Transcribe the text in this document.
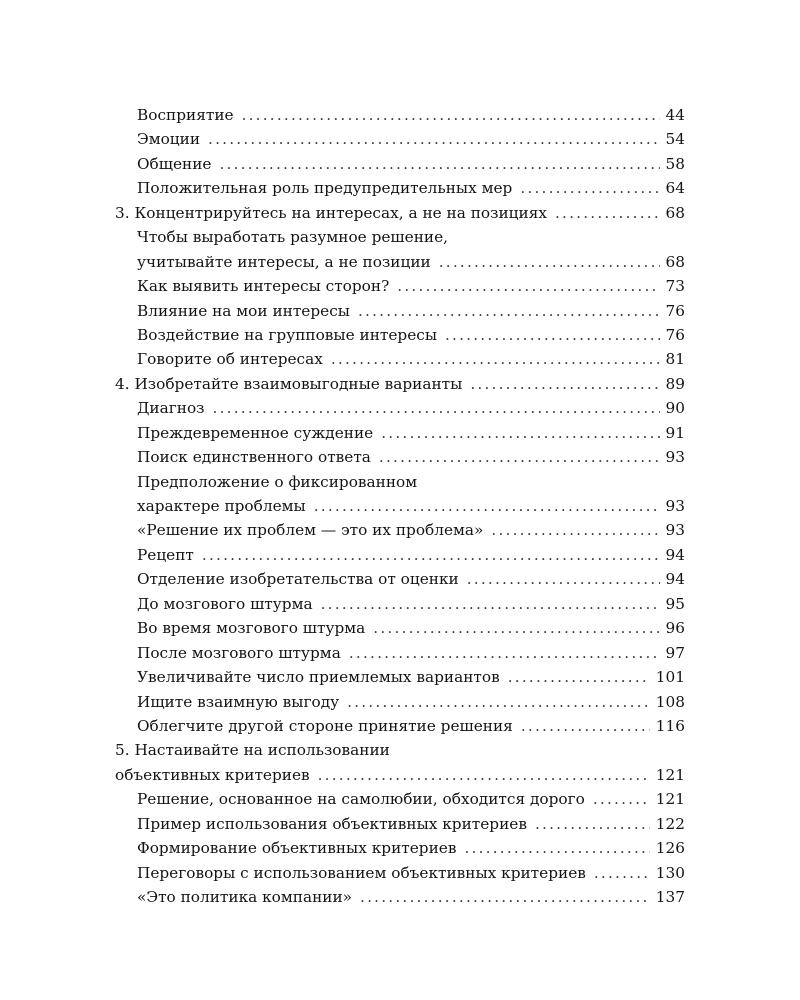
Восприятие .....	44
Эмоции .....	54
Общение .....	58
Положительная роль предупредительных мер .....	64
3. Концентрируйтесь на интересах, а не на позициях .....	68
Чтобы выработать разумное решение,
учитывайте интересы, а не позиции .....	68
Как выявить интересы сторон? .....	73
Влияние на мои интересы .....	76
Воздействие на групповые интересы .....	76
Говорите об интересах .....	81
4. Изобретайте взаимовыгодные варианты .....	89
Диагноз .....	90
Преждевременное суждение .....	91
Поиск единственного ответа .....	93
Предположение о фиксированном
характере проблемы .....	93
«Решение их проблем — это их проблема» .....	93
Рецепт .....	94
Отделение изобретательства от оценки .....	94
До мозгового штурма .....	95
Во время мозгового штурма .....	96
После мозгового штурма .....	97
Увеличивайте число приемлемых вариантов .....	101
Ищите взаимную выгоду .....	108
Облегчите другой стороне принятие решения .....	116
5. Настаивайте на использовании
объективных критериев .....	121
Решение, основанное на самолюбии, обходится дорого .....	121
Пример использования объективных критериев .....	122
Формирование объективных критериев .....	126
Переговоры с использованием объективных критериев .....	130
«Это политика компании» .....	137
